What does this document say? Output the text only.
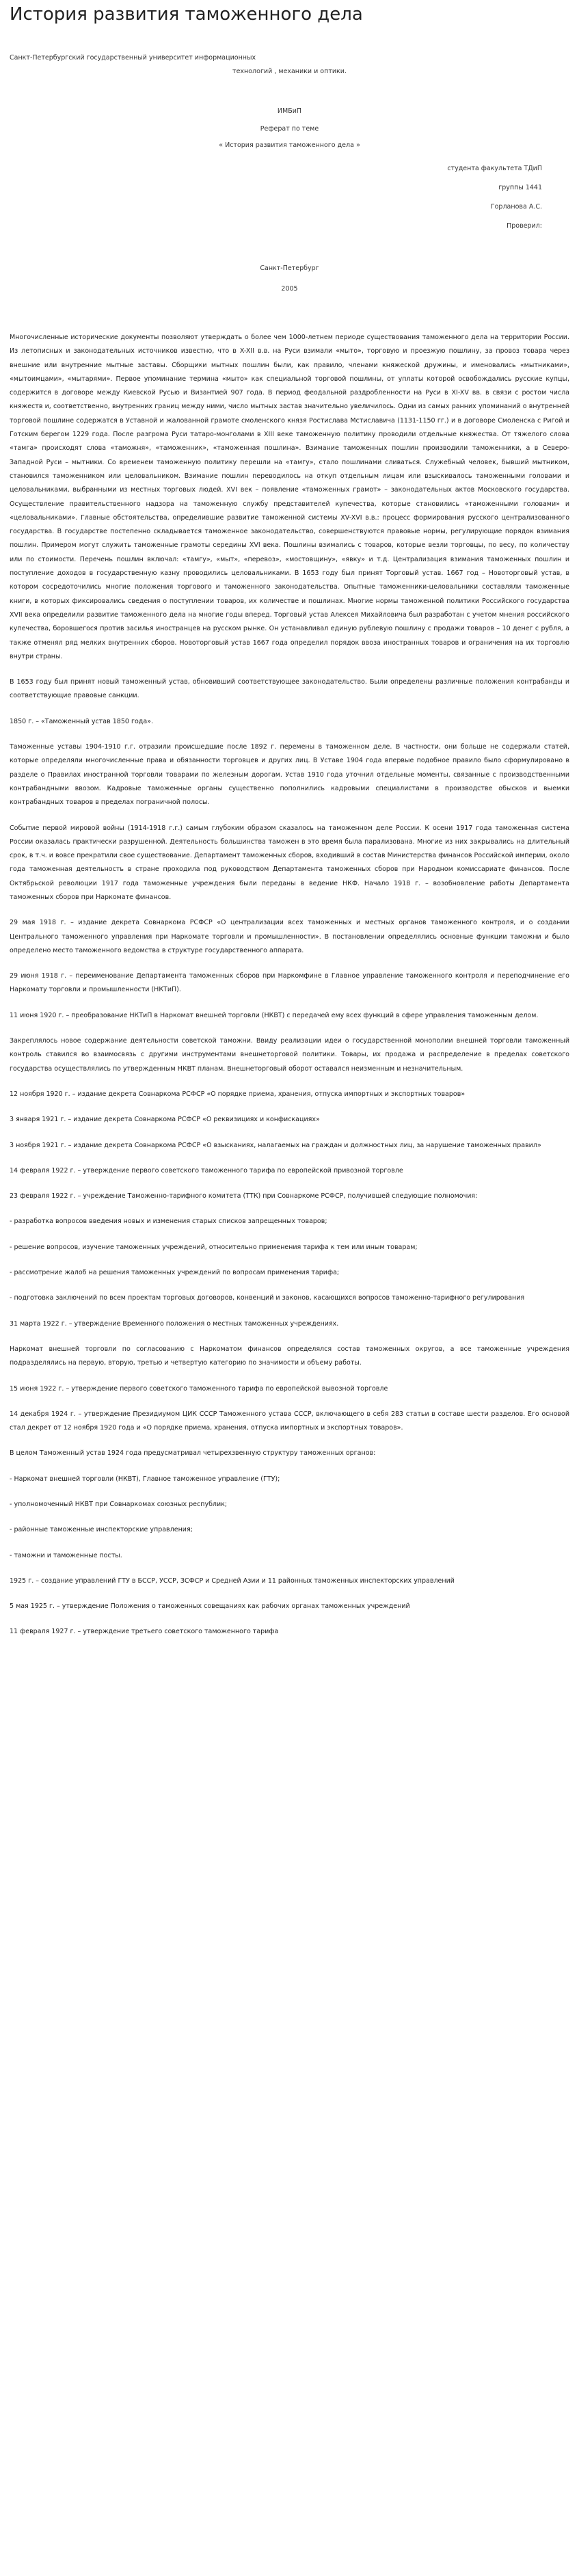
История развития таможенного дела

Санкт-Петербургский государственный университет информационных

технологий , механики и оптики.

ИМБиП

Реферат по теме

« История развития таможенного дела »

студента факультета ТДиП

группы 1441

Горланова А.С.

Проверил:

Санкт-Петербург

2005

Многочисленные исторические документы позволяют утверждать о более чем 1000-летнем периоде существования таможенного дела на территории России. Из летописных и законодательных источников известно, что в X-XII в.в. на Руси взимали «мыто», торговую и проезжую пошлину, за провоз товара через внешние или внутренние мытные заставы. Сборщики мытных пошлин были, как правило, членами княжеской дружины, и именовались «мытниками», «мытоимцами», «мытарями». Первое упоминание термина «мыто» как специальной торговой пошлины, от уплаты которой освобождались русские купцы, содержится в договоре между Киевской Русью и Византией 907 года. В период феодальной раздробленности на Руси в XI-XV вв. в связи с ростом числа княжеств и, соответственно, внутренних границ между ними, число мытных застав значительно увеличилось. Одни из самых ранних упоминаний о внутренней торговой пошлине содержатся в Уставной и жалованной грамоте смоленского князя Ростислава Мстиславича (1131-1150 гг.) и в договоре Смоленска с Ригой и Готским берегом 1229 года. После разгрома Руси татаро-монголами в XIII веке таможенную политику проводили отдельные княжества. От тяжелого слова «тамга» происходят слова «таможня», «таможенник», «таможенная пошлина». Взимание таможенных пошлин производили таможенники, а в Северо-Западной Руси – мытники. Со временем таможенную политику перешли на «тамгу», стало пошлинами сливаться. Служебный человек, бывший мытником, становился таможенником или целовальником. Взимание пошлин переводилось на откуп отдельным лицам или взыскивалось таможенными головами и целовальниками, выбранными из местных торговых людей. XVI век – появление «таможенных грамот» – законодательных актов Московского государства. Осуществление правительственного надзора на таможенную службу представителей купечества, которые становились «таможенными головами» и «целовальниками». Главные обстоятельства, определившие развитие таможенной системы XV-XVI в.в.: процесс формирования русского централизованного государства. В государстве постепенно складывается таможенное законодательство, совершенствуются правовые нормы, регулирующие порядок взимания пошлин. Примером могут служить таможенные грамоты середины XVI века. Пошлины взимались с товаров, которые везли торговцы, по весу, по количеству или по стоимости. Перечень пошлин включал: «тамгу», «мыт», «перевоз», «мостовщину», «явку» и т.д. Централизация взимания таможенных пошлин и поступление доходов в государственную казну проводились целовальниками. В 1653 году был принят Торговый устав. 1667 год – Новоторговый устав, в котором сосредоточились многие положения торгового и таможенного законодательства. Опытные таможенники-целовальники составляли таможенные книги, в которых фиксировались сведения о поступлении товаров, их количестве и пошлинах. Многие нормы таможенной политики Российского государства XVII века определили развитие таможенного дела на многие годы вперед. Торговый устав Алексея Михайловича был разработан с учетом мнения российского купечества, боровшегося против засилья иностранцев на русском рынке. Он устанавливал единую рублевую пошлину с продажи товаров – 10 денег с рубля, а также отменял ряд мелких внутренних сборов. Новоторговый устав 1667 года определил порядок ввоза иностранных товаров и ограничения на их торговлю внутри страны.

В 1653 году был принят новый таможенный устав, обновивший соответствующее законодательство. Были определены различные положения контрабанды и соответствующие правовые санкции.

1850 г. – «Таможенный устав 1850 года».

Таможенные уставы 1904-1910 г.г. отразили происшедшие после 1892 г. перемены в таможенном деле. В частности, они больше не содержали статей, которые определяли многочисленные права и обязанности торговцев и других лиц. В Уставе 1904 года впервые подобное правило было сформулировано в разделе о Правилах иностранной торговли товарами по железным дорогам. Устав 1910 года уточнил отдельные моменты, связанные с производственными контрабандными ввозом. Кадровые таможенные органы существенно пополнились кадровыми специалистами в производстве обысков и выемки контрабандных товаров в пределах пограничной полосы.

Событие первой мировой войны (1914-1918 г.г.) самым глубоким образом сказалось на таможенном деле России. К осени 1917 года таможенная система России оказалась практически разрушенной. Деятельность большинства таможен в это время была парализована. Многие из них закрывались на длительный срок, в т.ч. и вовсе прекратили свое существование. Департамент таможенных сборов, входивший в состав Министерства финансов Российской империи, около года таможенная деятельность в стране проходила под руководством Департамента таможенных сборов при Народном комиссариате финансов. После Октябрьской революции 1917 года таможенные учреждения были переданы в ведение НКФ. Начало 1918 г. – возобновление работы Департамента таможенных сборов при Наркомате финансов.

29 мая 1918 г. – издание декрета Совнаркома РСФСР «О централизации всех таможенных и местных органов таможенного контроля, и о создании Центрального таможенного управления при Наркомате торговли и промышленности». В постановлении определялись основные функции таможни и было определено место таможенного ведомства в структуре государственного аппарата.

29 июня 1918 г. – переименование Департамента таможенных сборов при Наркомфине в Главное управление таможенного контроля и переподчинение его Наркомату торговли и промышленности (НКТиП).

11 июня 1920 г. – преобразование НКТиП в Наркомат внешней торговли (НКВТ) с передачей ему всех функций в сфере управления таможенным делом.

Закреплялось новое содержание деятельности советской таможни. Ввиду реализации идеи о государственной монополии внешней торговли таможенный контроль ставился во взаимосвязь с другими инструментами внешнеторговой политики. Товары, их продажа и распределение в пределах советского государства осуществлялись по утвержденным НКВТ планам. Внешнеторговый оборот оставался неизменным и незначительным.

12 ноября 1920 г. – издание декрета Совнаркома РСФСР «О порядке приема, хранения, отпуска импортных и экспортных товаров»

3 января 1921 г. – издание декрета Совнаркома РСФСР «О реквизициях и конфискациях»

3 ноября 1921 г. – издание декрета Совнаркома РСФСР «О взысканиях, налагаемых на граждан и должностных лиц, за нарушение таможенных правил»

14 февраля 1922 г. – утверждение первого советского таможенного тарифа по европейской привозной торговле

23 февраля 1922 г. – учреждение Таможенно-тарифного комитета (ТТК) при Совнаркоме РСФСР, получившей следующие полномочия:

- разработка вопросов введения новых и изменения старых списков запрещенных товаров;

- решение вопросов, изучение таможенных учреждений, относительно применения тарифа к тем или иным товарам;

- рассмотрение жалоб на решения таможенных учреждений по вопросам применения тарифа;

- подготовка заключений по всем проектам торговых договоров, конвенций и законов, касающихся вопросов таможенно-тарифного регулирования

31 марта 1922 г. – утверждение Временного положения о местных таможенных учреждениях.

Наркомат внешней торговли по согласованию с Наркоматом финансов определялся состав таможенных округов, а все таможенные учреждения подразделялись на первую, вторую, третью и четвертую категорию по значимости и объему работы.

15 июня 1922 г. – утверждение первого советского таможенного тарифа по европейской вывозной торговле

14 декабря 1924 г. – утверждение Президиумом ЦИК СССР Таможенного устава СССР, включающего в себя 283 статьи в составе шести разделов. Его основой стал декрет от 12 ноября 1920 года и «О порядке приема, хранения, отпуска импортных и экспортных товаров».

В целом Таможенный устав 1924 года предусматривал четырехзвенную структуру таможенных органов:

- Наркомат внешней торговли (НКВТ), Главное таможенное управление (ГТУ);

- уполномоченный НКВТ при Совнаркомах союзных республик;

- районные таможенные инспекторские управления;

- таможни и таможенные посты.

1925 г. – создание управлений ГТУ в БССР, УССР, ЗСФСР и Средней Азии и 11 районных таможенных инспекторских управлений

5 мая 1925 г. – утверждение Положения о таможенных совещаниях как рабочих органах таможенных учреждений

11 февраля 1927 г. – утверждение третьего советского таможенного тарифа
